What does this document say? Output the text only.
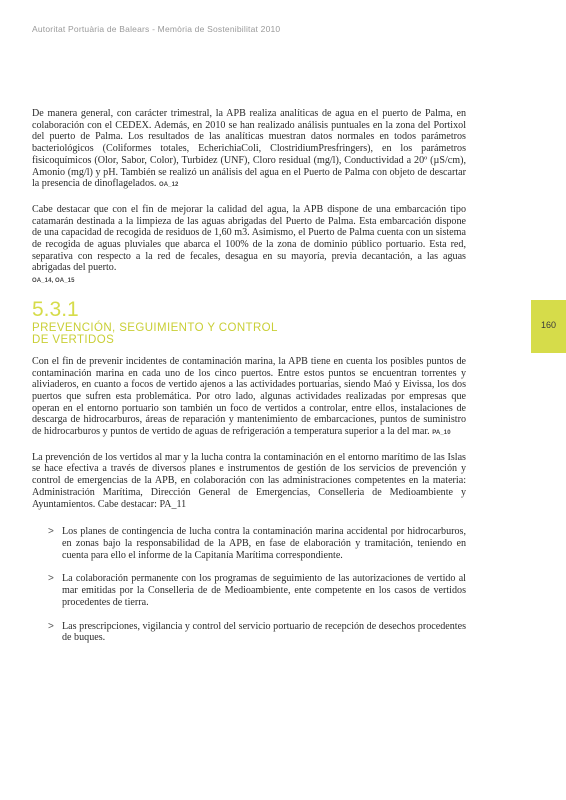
Autoritat Portuària de Balears - Memòria de Sostenibilitat 2010
160

De manera general, con carácter trimestral, la APB realiza analíticas de agua en el puerto de Palma, en colaboración con el CEDEX. Además, en 2010 se han realizado análisis puntuales en la zona del Portixol del puerto de Palma. Los resultados de las analíticas muestran datos normales en todos parámetros bacteriológicos (Coliformes totales, EcherichiaColi, ClostridiumPresfringers), en los parámetros fisicoquímicos (Olor, Sabor, Color), Turbidez (UNF), Cloro residual (mg/l), Conductividad a 20º (µS/cm), Amonio (mg/l) y pH. También se realizó un análisis del agua en el Puerto de Palma con objeto de descartar la presencia de dinoflagelados. OA_12

Cabe destacar que con el fin de mejorar la calidad del agua, la APB dispone de una embarcación tipo catamarán destinada a la limpieza de las aguas abrigadas del Puerto de Palma. Esta embarcación dispone de una capacidad de recogida de residuos de 1,60 m3. Asimismo, el Puerto de Palma cuenta con un sistema de recogida de aguas pluviales que abarca el 100% de la zona de dominio público portuario. Esta red, separativa con respecto a la red de fecales, desagua en su mayoría, previa decantación, a las aguas abrigadas del puerto.
OA_14, OA_15

5.3.1
PREVENCIÓN, SEGUIMIENTO Y CONTROL
DE VERTIDOS

Con el fin de prevenir incidentes de contaminación marina, la APB tiene en cuenta los posibles puntos de contaminación marina en cada uno de los cinco puertos. Entre estos puntos se encuentran torrentes y aliviaderos, en cuanto a focos de vertido ajenos a las actividades portuarias, siendo Maó y Eivissa, los dos puertos que sufren esta problemática. Por otro lado, algunas actividades realizadas por empresas que operan en el entorno portuario son también un foco de vertidos a controlar, entre ellos, instalaciones de descarga de hidrocarburos, áreas de reparación y mantenimiento de embarcaciones, puntos de suministro de hidrocarburos y puntos de vertido de aguas de refrigeración a temperatura superior a la del mar. PA_10

La prevención de los vertidos al mar y la lucha contra la contaminación en el entorno marítimo de las Islas se hace efectiva a través de diversos planes e instrumentos de gestión de los servicios de prevención y control de emergencias de la APB, en colaboración con las administraciones competentes en la materia: Administración Marítima, Dirección General de Emergencias, Conselleria de Medioambiente y Ayuntamientos. Cabe destacar: PA_11

> Los planes de contingencia de lucha contra la contaminación marina accidental por hidrocarburos, en zonas bajo la responsabilidad de la APB, en fase de elaboración y tramitación, teniendo en cuenta para ello el informe de la Capitanía Marítima correspondiente.
> La colaboración permanente con los programas de seguimiento de las autorizaciones de vertido al mar emitidas por la Conselleria de de Medioambiente, ente competente en los casos de vertidos procedentes de tierra.
> Las prescripciones, vigilancia y control del servicio portuario de recepción de desechos procedentes de buques.
